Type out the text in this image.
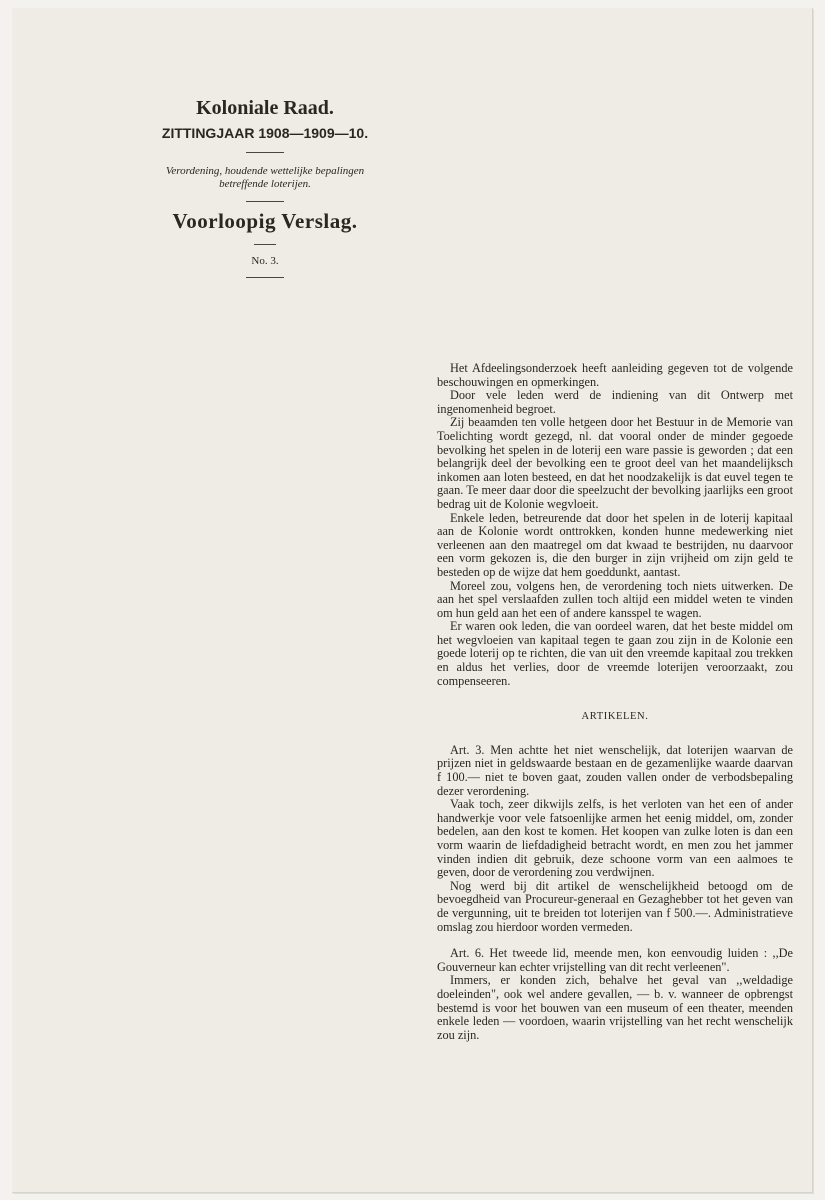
Koloniale Raad.
ZITTINGJAAR 1908—1909—10.
Verordening, houdende wettelijke bepalingen
betreffende loterijen.
Voorloopig Verslag.
No. 3.

Het Afdeelingsonderzoek heeft aanleiding gegeven tot de volgende beschouwingen en opmerkingen.

Door vele leden werd de indiening van dit Ontwerp met ingenomenheid begroet.

Zij beaamden ten volle hetgeen door het Bestuur in de Memorie van Toelichting wordt gezegd, nl. dat vooral onder de minder gegoede bevolking het spelen in de loterij een ware passie is geworden ; dat een belangrijk deel der bevolking een te groot deel van het maandelijksch inkomen aan loten besteed, en dat het noodzakelijk is dat euvel tegen te gaan. Te meer daar door die speelzucht der bevolking jaarlijks een groot bedrag uit de Kolonie wegvloeit.

Enkele leden, betreurende dat door het spelen in de loterij kapitaal aan de Kolonie wordt onttrokken, konden hunne medewerking niet verleenen aan den maatregel om dat kwaad te bestrijden, nu daarvoor een vorm gekozen is, die den burger in zijn vrijheid om zijn geld te besteden op de wijze dat hem goeddunkt, aantast.

Moreel zou, volgens hen, de verordening toch niets uitwerken. De aan het spel verslaafden zullen toch altijd een middel weten te vinden om hun geld aan het een of andere kansspel te wagen.

Er waren ook leden, die van oordeel waren, dat het beste middel om het wegvloeien van kapitaal tegen te gaan zou zijn in de Kolonie een goede loterij op te richten, die van uit den vreemde kapitaal zou trekken en aldus het verlies, door de vreemde loterijen veroorzaakt, zou compenseeren.

ARTIKELEN.

Art. 3. Men achtte het niet wenschelijk, dat loterijen waarvan de prijzen niet in geldswaarde bestaan en de gezamenlijke waarde daarvan f 100.— niet te boven gaat, zouden vallen onder de verbodsbepaling dezer verordening.

Vaak toch, zeer dikwijls zelfs, is het verloten van het een of ander handwerkje voor vele fatsoenlijke armen het eenig middel, om, zonder bedelen, aan den kost te komen. Het koopen van zulke loten is dan een vorm waarin de liefdadigheid betracht wordt, en men zou het jammer vinden indien dit gebruik, deze schoone vorm van een aalmoes te geven, door de verordening zou verdwijnen.

Nog werd bij dit artikel de wenschelijkheid betoogd om de bevoegdheid van Procureur-generaal en Gezaghebber tot het geven van de vergunning, uit te breiden tot loterijen van f 500.—. Administratieve omslag zou hierdoor worden vermeden.

Art. 6. Het tweede lid, meende men, kon eenvoudig luiden : ,,De Gouverneur kan echter vrijstelling van dit recht verleenen".

Immers, er konden zich, behalve het geval van ,,weldadige doeleinden", ook wel andere gevallen, — b. v. wanneer de opbrengst bestemd is voor het bouwen van een museum of een theater, meenden enkele leden — voordoen, waarin vrijstelling van het recht wenschelijk zou zijn.
